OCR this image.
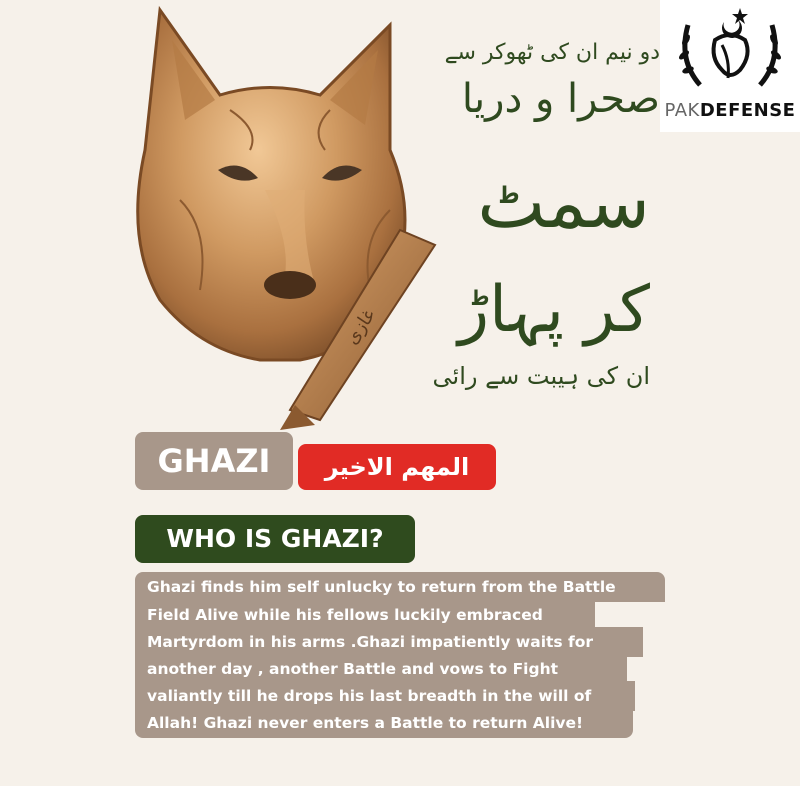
غازی
دو نیم ان کی ٹھوکر سے
صحرا و دریا
سمٹ
کر پہاڑ
ان کی ہیبت سے رائی
PAKDEFENSE
GHAZI	المهم الاخير
WHO IS GHAZI?
Ghazi finds him self unlucky to return from the Battle
Field Alive while his fellows luckily embraced
Martyrdom in his arms .Ghazi impatiently waits for
another day , another Battle and vows to Fight
valiantly till he drops his last breadth in the will of
Allah! Ghazi never enters a Battle to return Alive!
